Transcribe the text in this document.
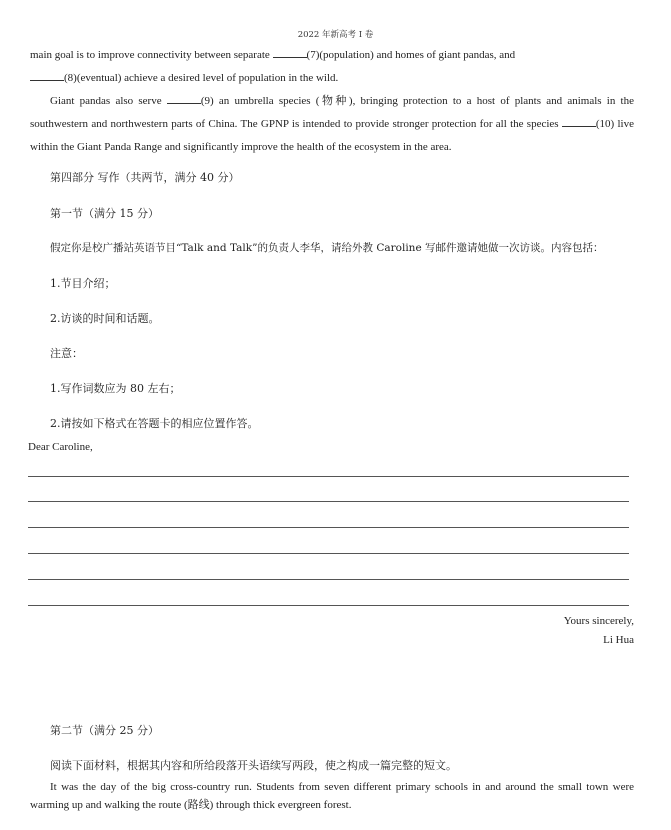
2022 年新高考 I 卷
main goal is to improve connectivity between separate	(7)(population) and homes of giant pandas, and
(8)(eventual) achieve a desired level of population in the wild.
Giant pandas also serve	(9) an umbrella species (物种), bringing protection to a host of plants and animals in the southwestern and northwestern parts of China. The GPNP is intended to provide stronger protection for all the species	(10) live within the Giant Panda Range and significantly improve the health of the ecosystem in the area.
第四部分 写作（共两节，满分 40 分）
第一节（满分 15 分）
假定你是校广播站英语节目“Talk and Talk”的负责人李华，请给外教 Caroline 写邮件邀请她做一次访谈。内容包括：
1.节目介绍；
2.访谈的时间和话题。
注意：
1.写作词数应为 80 左右；
2.请按如下格式在答题卡的相应位置作答。
Dear Caroline,
Yours sincerely,
Li Hua
第二节（满分 25 分）
阅读下面材料，根据其内容和所给段落开头语续写两段，使之构成一篇完整的短文。
It was the day of the big cross-country run. Students from seven different primary schools in and around the small town were warming up and walking the route (路线) through thick evergreen forest.
